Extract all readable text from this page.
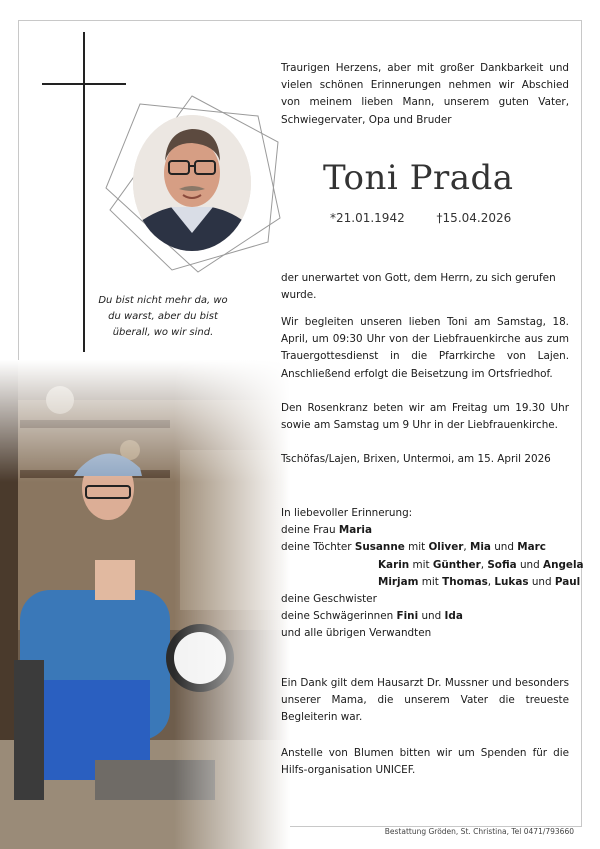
Du bist nicht mehr da, wo du warst, aber du bist überall, wo wir sind.
Traurigen Herzens, aber mit großer Dankbarkeit und vielen schönen Erinnerungen nehmen wir Abschied von meinem lieben Mann, unserem guten Vater, Schwiegervater, Opa und Bruder
Toni Prada
*21.01.1942	†15.04.2026
der unerwartet von Gott, dem Herrn, zu sich gerufen wurde.
Wir begleiten unseren lieben Toni am Samstag, 18. April, um 09:30 Uhr von der Liebfrauenkirche aus zum Trauergottesdienst in die Pfarrkirche von Lajen. Anschließend erfolgt die Beisetzung im Ortsfriedhof.
Den Rosenkranz beten wir am Freitag um 19.30 Uhr sowie am Samstag um 9 Uhr in der Liebfrauenkirche.
Tschöfas/Lajen, Brixen, Untermoi, am 15. April 2026
In liebevoller Erinnerung:
deine Frau Maria
deine Töchter Susanne mit Oliver, Mia und Marc
Karin mit Günther, Sofia und Angela
Mirjam mit Thomas, Lukas und Paul
deine Geschwister
deine Schwägerinnen Fini und Ida
und alle übrigen Verwandten
Ein Dank gilt dem Hausarzt Dr. Mussner und besonders unserer Mama, die unserem Vater die treueste Begleiterin war.
Anstelle von Blumen bitten wir um Spenden für die Hilfs-organisation UNICEF.
Bestattung Gröden, St. Christina, Tel 0471/793660
